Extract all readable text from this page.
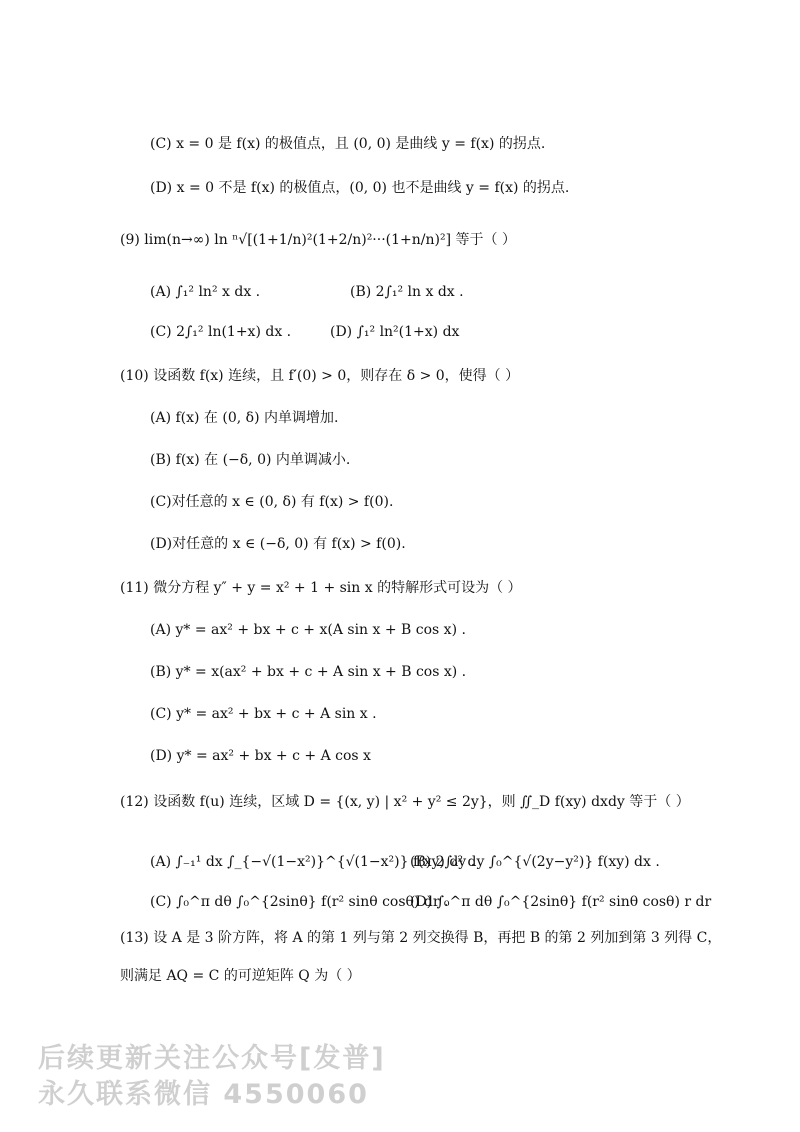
(C) x = 0 是 f(x) 的极值点，且 (0, 0) 是曲线 y = f(x) 的拐点.
(D) x = 0 不是 f(x) 的极值点，(0, 0) 也不是曲线 y = f(x) 的拐点.
(9) lim(n→∞) ln ⁿ√[(1+1/n)²(1+2/n)²···(1+n/n)²] 等于（ ）
(A) ∫₁² ln² x dx .	(B) 2∫₁² ln x dx .
(C) 2∫₁² ln(1+x) dx .	(D) ∫₁² ln²(1+x) dx
(10) 设函数 f(x) 连续，且 f′(0) > 0，则存在 δ > 0，使得（ ）
(A) f(x) 在 (0, δ) 内单调增加.
(B) f(x) 在 (−δ, 0) 内单调减小.
(C)对任意的 x ∈ (0, δ) 有 f(x) > f(0).
(D)对任意的 x ∈ (−δ, 0) 有 f(x) > f(0).
(11) 微分方程 y″ + y = x² + 1 + sin x 的特解形式可设为（ ）
(A) y* = ax² + bx + c + x(A sin x + B cos x) .
(B) y* = x(ax² + bx + c + A sin x + B cos x) .
(C) y* = ax² + bx + c + A sin x .
(D) y* = ax² + bx + c + A cos x
(12) 设函数 f(u) 连续，区域 D = {(x, y) | x² + y² ≤ 2y}，则 ∬_D f(xy) dxdy 等于（ ）
(A) ∫₋₁¹ dx ∫_{−√(1−x²)}^{√(1−x²)} f(xy) dy .
(B) 2∫₀² dy ∫₀^{√(2y−y²)} f(xy) dx .
(C) ∫₀^π dθ ∫₀^{2sinθ} f(r² sinθ cosθ) dr .
(D) ∫₀^π dθ ∫₀^{2sinθ} f(r² sinθ cosθ) r dr
(13) 设 A 是 3 阶方阵，将 A 的第 1 列与第 2 列交换得 B，再把 B 的第 2 列加到第 3 列得 C，
则满足 AQ = C 的可逆矩阵 Q 为（ ）
后续更新关注公众号[发普]
永久联系微信 4550060
